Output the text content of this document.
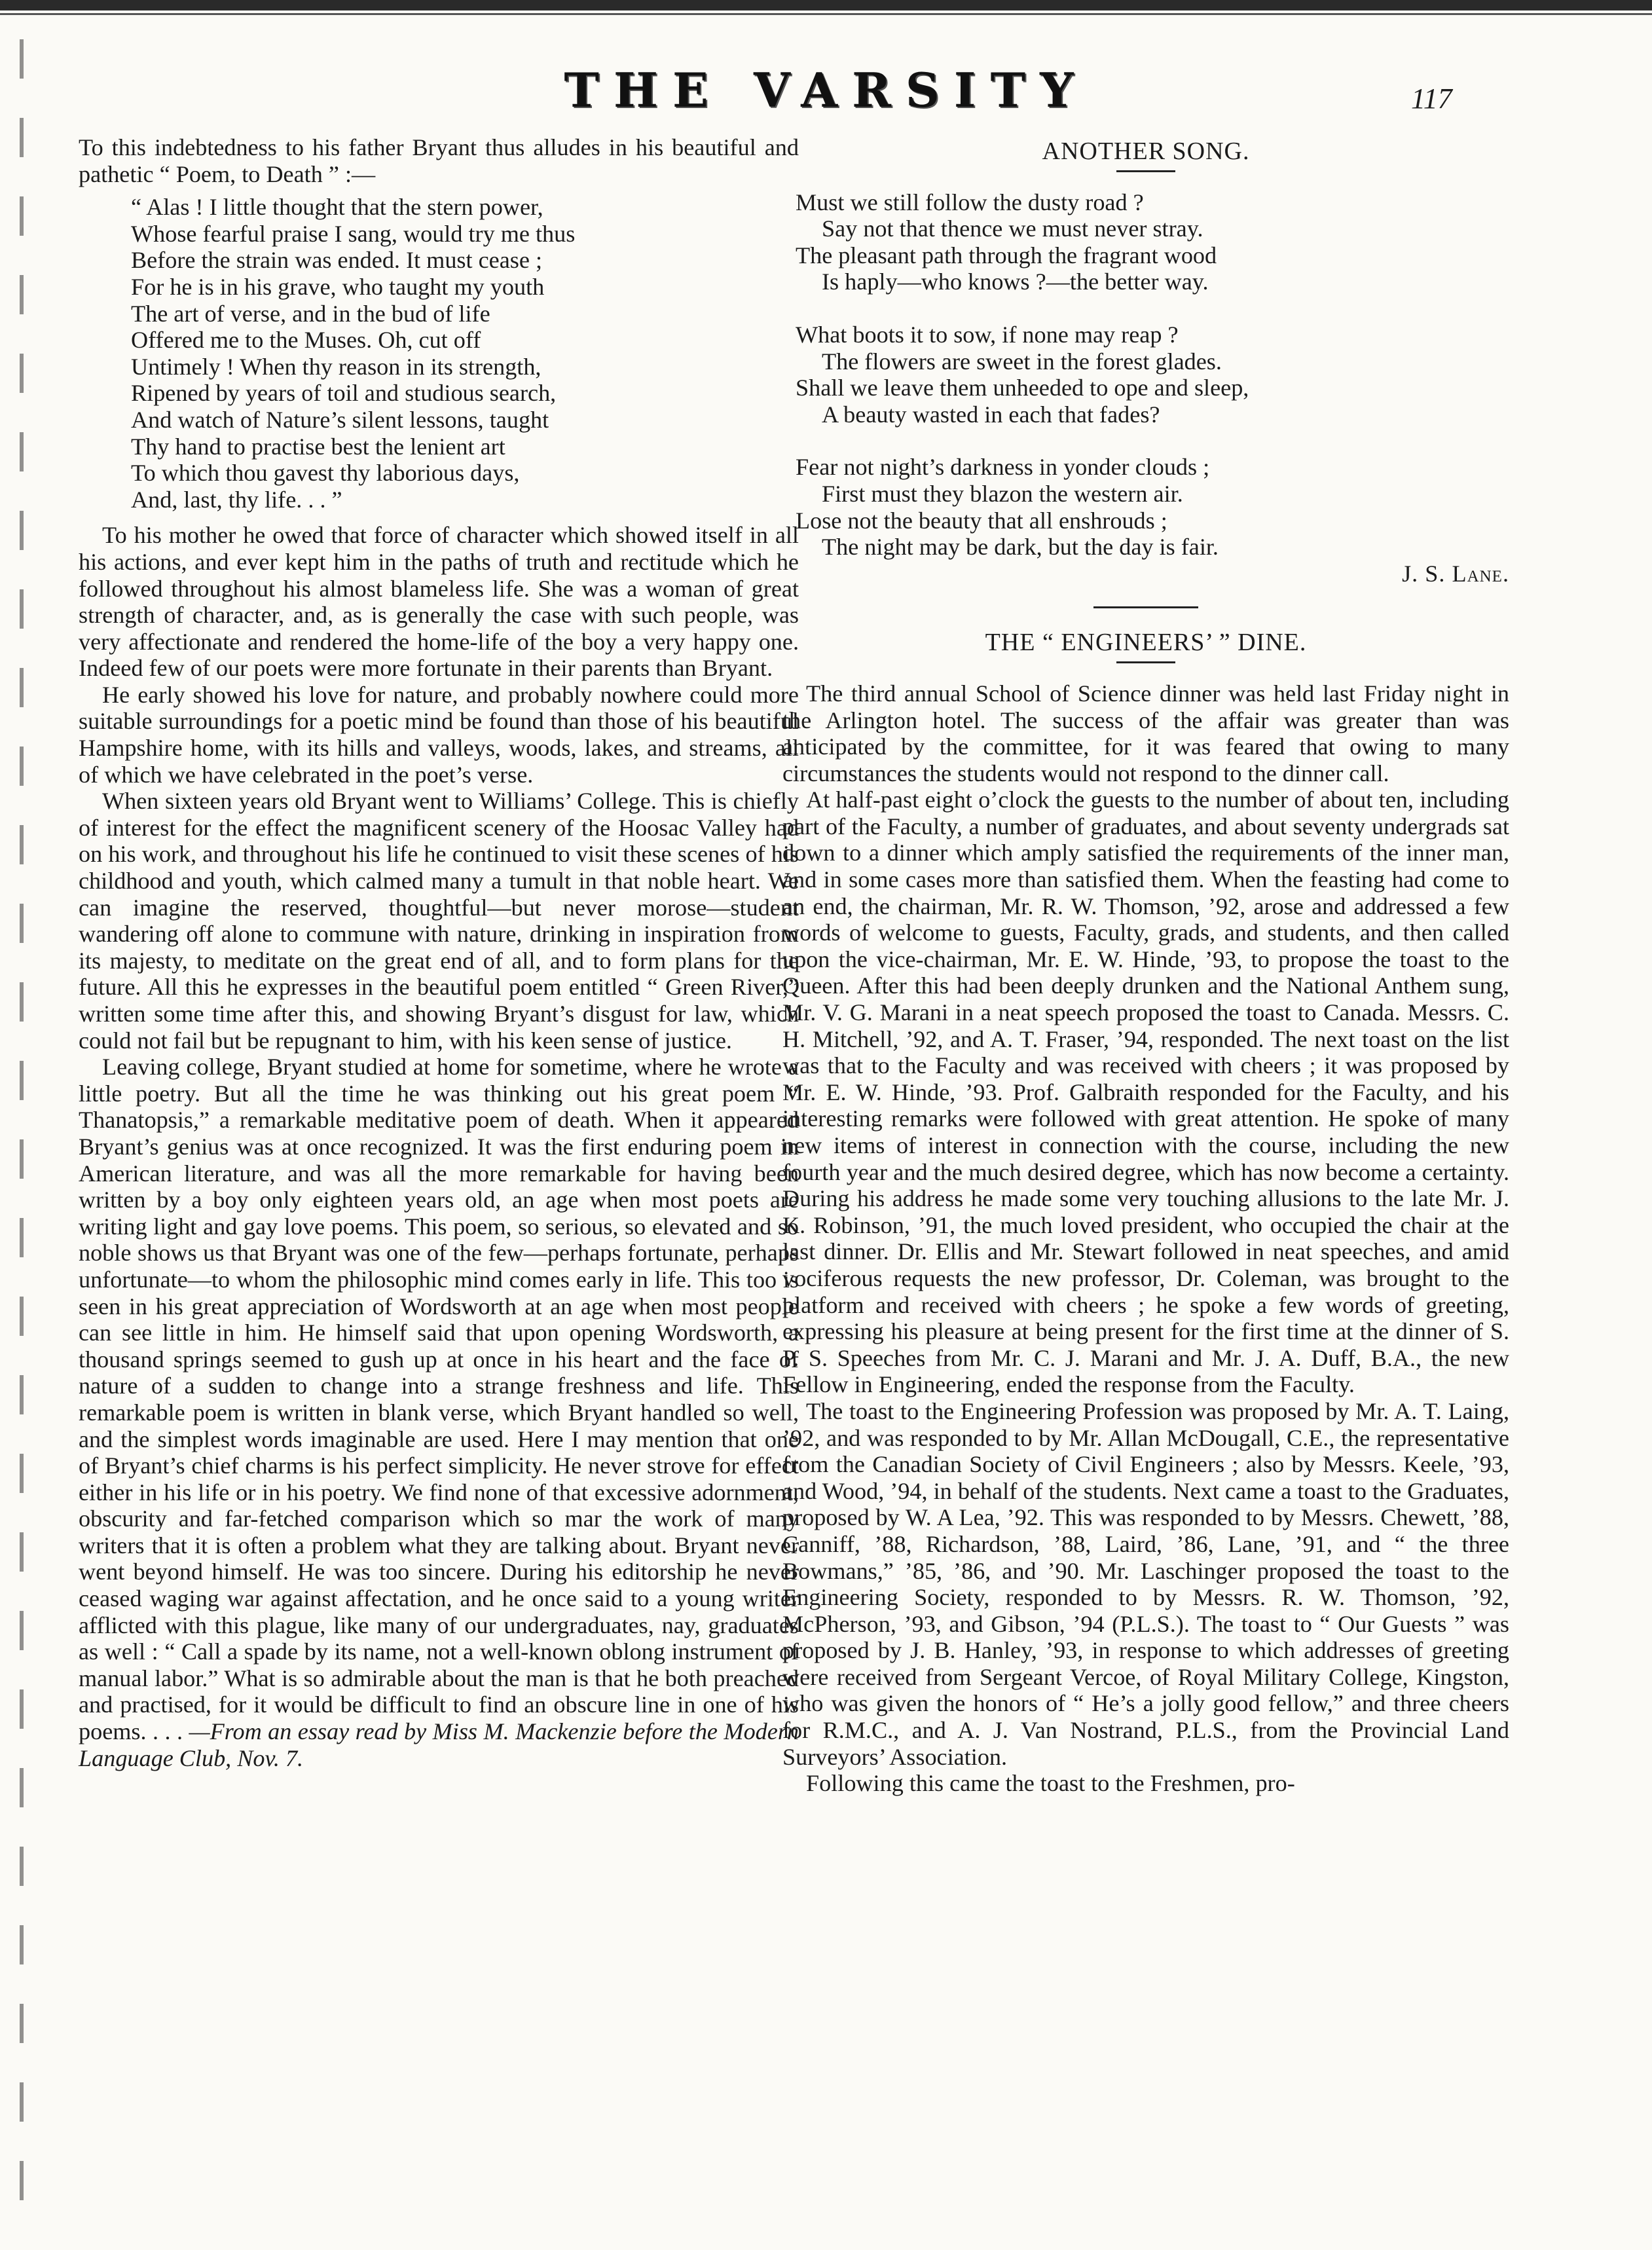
THE VARSITY	117

To this indebtedness to his father Bryant thus alludes in his beautiful and pathetic “ Poem, to Death ” :—

“ Alas ! I little thought that the stern power,
Whose fearful praise I sang, would try me thus
Before the strain was ended. It must cease ;
For he is in his grave, who taught my youth
The art of verse, and in the bud of life
Offered me to the Muses. Oh, cut off
Untimely ! When thy reason in its strength,
Ripened by years of toil and studious search,
And watch of Nature’s silent lessons, taught
Thy hand to practise best the lenient art
To which thou gavest thy laborious days,
And, last, thy life. . . ”

To his mother he owed that force of character which showed itself in all his actions, and ever kept him in the paths of truth and rectitude which he followed throughout his almost blameless life. She was a woman of great strength of character, and, as is generally the case with such people, was very affectionate and rendered the home-life of the boy a very happy one. Indeed few of our poets were more fortunate in their parents than Bryant.

He early showed his love for nature, and probably nowhere could more suitable surroundings for a poetic mind be found than those of his beautiful Hampshire home, with its hills and valleys, woods, lakes, and streams, all of which we have celebrated in the poet’s verse.

When sixteen years old Bryant went to Williams’ College. This is chiefly of interest for the effect the magnificent scenery of the Hoosac Valley had on his work, and throughout his life he continued to visit these scenes of his childhood and youth, which calmed many a tumult in that noble heart. We can imagine the reserved, thoughtful—but never morose—student wandering off alone to commune with nature, drinking in inspiration from its majesty, to meditate on the great end of all, and to form plans for the future. All this he expresses in the beautiful poem entitled “ Green River,” written some time after this, and showing Bryant’s disgust for law, which could not fail but be repugnant to him, with his keen sense of justice.

Leaving college, Bryant studied at home for sometime, where he wrote a little poetry. But all the time he was thinking out his great poem “ Thanatopsis,” a remarkable meditative poem of death. When it appeared Bryant’s genius was at once recognized. It was the first enduring poem in American literature, and was all the more remarkable for having been written by a boy only eighteen years old, an age when most poets are writing light and gay love poems. This poem, so serious, so elevated and so noble shows us that Bryant was one of the few—perhaps fortunate, perhaps unfortunate—to whom the philosophic mind comes early in life. This too is seen in his great appreciation of Wordsworth at an age when most people can see little in him. He himself said that upon opening Wordsworth, a thousand springs seemed to gush up at once in his heart and the face of nature of a sudden to change into a strange freshness and life. This remarkable poem is written in blank verse, which Bryant handled so well, and the simplest words imaginable are used. Here I may mention that one of Bryant’s chief charms is his perfect simplicity. He never strove for effect either in his life or in his poetry. We find none of that excessive adornment, obscurity and far-fetched comparison which so mar the work of many writers that it is often a problem what they are talking about. Bryant never went beyond himself. He was too sincere. During his editorship he never ceased waging war against affectation, and he once said to a young writer afflicted with this plague, like many of our undergraduates, nay, graduates as well : “ Call a spade by its name, not a well-known oblong instrument of manual labor.” What is so admirable about the man is that he both preached and practised, for it would be difficult to find an obscure line in one of his poems. . . . —From an essay read by Miss M. Mackenzie before the Modern Language Club, Nov. 7.

ANOTHER SONG.
Must we still follow the dusty road ?
Say not that thence we must never stray.
The pleasant path through the fragrant wood
Is haply—who knows ?—the better way.
What boots it to sow, if none may reap ?
The flowers are sweet in the forest glades.
Shall we leave them unheeded to ope and sleep,
A beauty wasted in each that fades?
Fear not night’s darkness in yonder clouds ;
First must they blazon the western air.
Lose not the beauty that all enshrouds ;
The night may be dark, but the day is fair.
J. S. Lane.
THE “ ENGINEERS’ ” DINE.

The third annual School of Science dinner was held last Friday night in the Arlington hotel. The success of the affair was greater than was anticipated by the committee, for it was feared that owing to many circumstances the students would not respond to the dinner call.

At half-past eight o’clock the guests to the number of about ten, including part of the Faculty, a number of graduates, and about seventy undergrads sat down to a dinner which amply satisfied the requirements of the inner man, and in some cases more than satisfied them. When the feasting had come to an end, the chairman, Mr. R. W. Thomson, ’92, arose and addressed a few words of welcome to guests, Faculty, grads, and students, and then called upon the vice-chairman, Mr. E. W. Hinde, ’93, to propose the toast to the Queen. After this had been deeply drunken and the National Anthem sung, Mr. V. G. Marani in a neat speech proposed the toast to Canada. Messrs. C. H. Mitchell, ’92, and A. T. Fraser, ’94, responded. The next toast on the list was that to the Faculty and was received with cheers ; it was proposed by Mr. E. W. Hinde, ’93. Prof. Galbraith responded for the Faculty, and his interesting remarks were followed with great attention. He spoke of many new items of interest in connection with the course, including the new fourth year and the much desired degree, which has now become a certainty. During his address he made some very touching allusions to the late Mr. J. K. Robinson, ’91, the much loved president, who occupied the chair at the last dinner. Dr. Ellis and Mr. Stewart followed in neat speeches, and amid vociferous requests the new professor, Dr. Coleman, was brought to the platform and received with cheers ; he spoke a few words of greeting, expressing his pleasure at being present for the first time at the dinner of S. P. S. Speeches from Mr. C. J. Marani and Mr. J. A. Duff, B.A., the new Fellow in Engineering, ended the response from the Faculty.

The toast to the Engineering Profession was proposed by Mr. A. T. Laing, ’92, and was responded to by Mr. Allan McDougall, C.E., the representative from the Canadian Society of Civil Engineers ; also by Messrs. Keele, ’93, and Wood, ’94, in behalf of the students. Next came a toast to the Graduates, proposed by W. A Lea, ’92. This was responded to by Messrs. Chewett, ’88, Canniff, ’88, Richardson, ’88, Laird, ’86, Lane, ’91, and “ the three Bowmans,” ’85, ’86, and ’90. Mr. Laschinger proposed the toast to the Engineering Society, responded to by Messrs. R. W. Thomson, ’92, McPherson, ’93, and Gibson, ’94 (P.L.S.). The toast to “ Our Guests ” was proposed by J. B. Hanley, ’93, in response to which addresses of greeting were received from Sergeant Vercoe, of Royal Military College, Kingston, who was given the honors of “ He’s a jolly good fellow,” and three cheers for R.M.C., and A. J. Van Nostrand, P.L.S., from the Provincial Land Surveyors’ Association.

Following this came the toast to the Freshmen, pro-
